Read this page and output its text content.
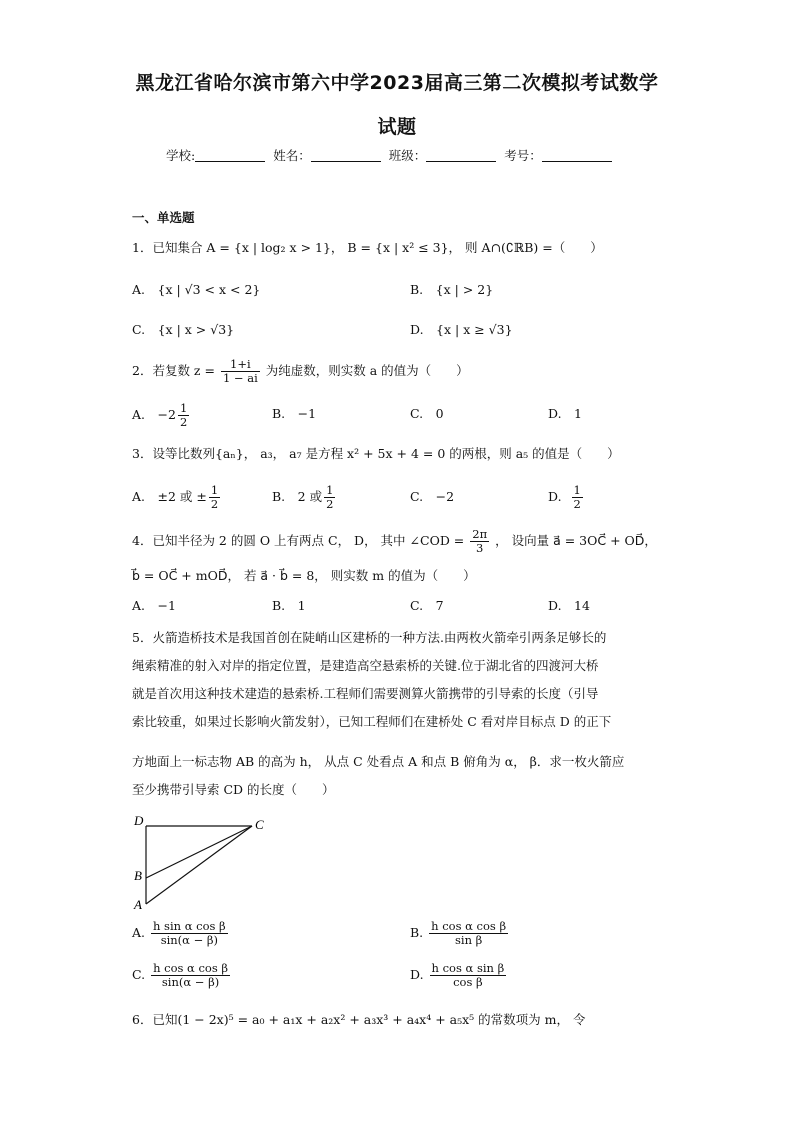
黑龙江省哈尔滨市第六中学2023届高三第二次模拟考试数学
试题
学校:	姓名：	班级：	考号：
一、单选题
1．已知集合 A = {x | log₂ x > 1}， B = {x | x² ≤ 3}， 则 A∩(∁ℝB) =（　　）
A.　{x | √3 < x < 2}	B.　{x | > 2}
C.　{x | x > √3}	D.　{x | x ≥ √3}
2．若复数 $z = \frac{1+i}{1 - ai}$ 为纯虚数，则实数 a 的值为（　　）
A.　$-2 \frac{1}{2}$	B.　−1	C.　0	D.　1
3．设等比数列{aₙ}， a₃， a₇ 是方程 x² + 5x + 4 = 0 的两根，则 a₅ 的值是（　　）
A.　±2 或 ± $\frac{1}{2}$	B.　2 或 $\frac{1}{2}$	C.　−2	D. $\frac{1}{2}$
4．已知半径为 2 的圆 O 上有两点 C， D， 其中 ∠COD = $\frac{2\pi}{3}$ ， 设向量 a⃗ = 3OC⃗ + OD⃗，
b⃗ = OC⃗ + mOD⃗， 若 a⃗ · b⃗ = 8， 则实数 m 的值为（　　）
A.　−1	B.　1	C.　7	D.　14
5．火箭造桥技术是我国首创在陡峭山区建桥的一种方法.由两枚火箭牵引两条足够长的
绳索精准的射入对岸的指定位置，是建造高空悬索桥的关键.位于湖北省的四渡河大桥
就是首次用这种技术建造的悬索桥.工程师们需要测算火箭携带的引导索的长度（引导
索比较重，如果过长影响火箭发射），已知工程师们在建桥处 C 看对岸目标点 D 的正下
方地面上一标志物 AB 的高为 h， 从点 C 处看点 A 和点 B 俯角为 α， β．求一枚火箭应
至少携带引导索 CD 的长度（　　）
D	C
B
A
A. $\frac{\text{h sin α cos β}}{\sin(\alpha - \beta)}$	B. $\frac{\text{h cos α cos β}}{\text{sin β}}$
C. $\frac{\text{h cos α cos β}}{\sin(\alpha - \beta)}$	D. $\frac{\text{h cos α sin β}}{\text{cos β}}$
6．已知(1 − 2x)⁵ = a₀ + a₁x + a₂x² + a₃x³ + a₄x⁴ + a₅x⁵ 的常数项为 m， 令
